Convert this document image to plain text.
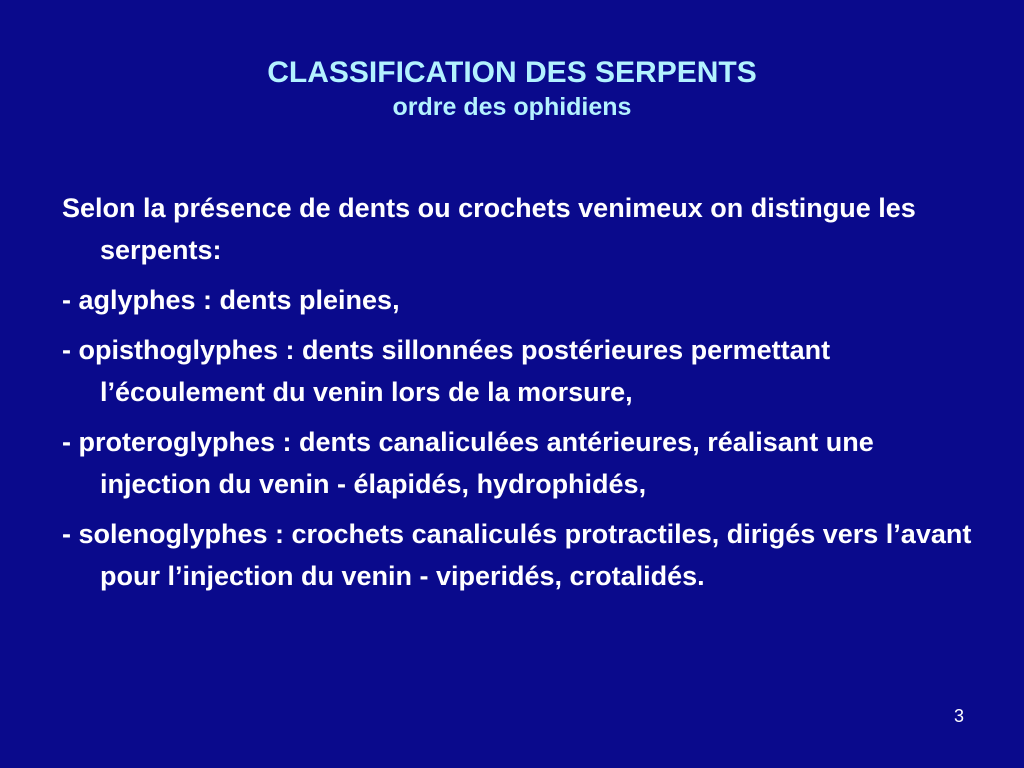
CLASSIFICATION DES SERPENTS

ordre des ophidiens

Selon la présence de dents ou crochets venimeux on distingue les serpents:

- aglyphes : dents pleines,

- opisthoglyphes : dents sillonnées postérieures permettant l’écoulement du venin lors de la morsure,

- proteroglyphes : dents canaliculées antérieures, réalisant une injection du venin - élapidés, hydrophidés,

- solenoglyphes : crochets canaliculés protractiles, dirigés vers l’avant pour l’injection du venin - viperidés, crotalidés.

3
